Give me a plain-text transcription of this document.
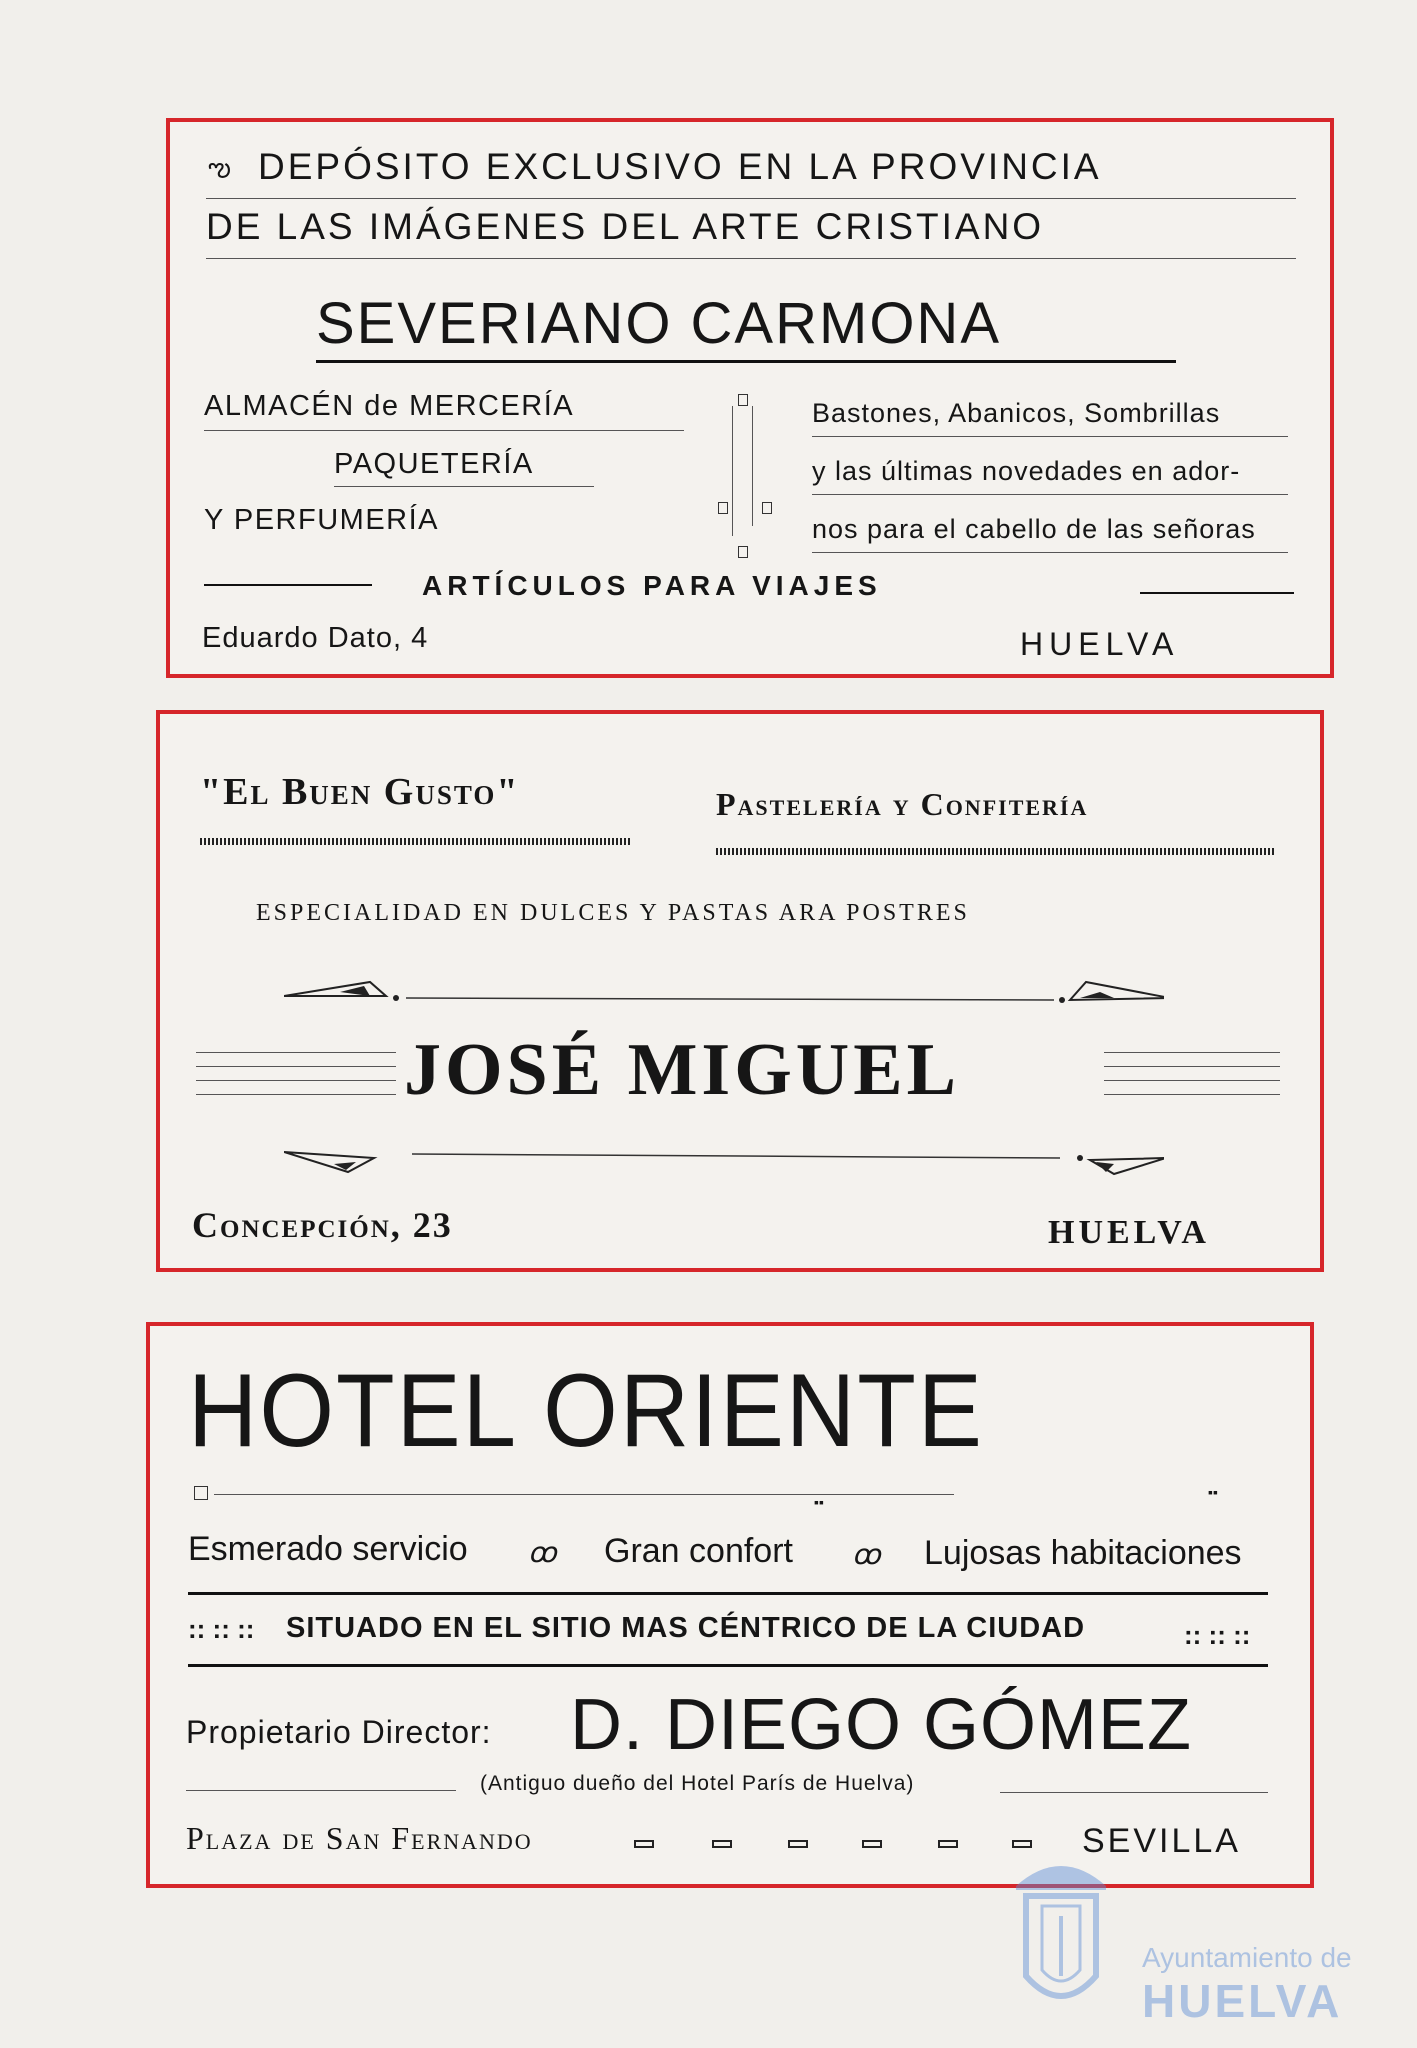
ఌ DEPÓSITO EXCLUSIVO EN LA PROVINCIA
DE LAS IMÁGENES DEL ARTE CRISTIANO
SEVERIANO CARMONA
ALMACÉN de MERCERÍA
PAQUETERÍA
Y PERFUMERÍA
Bastones, Abanicos, Sombrillas
y las últimas novedades en ador-
nos para el cabello de las señoras
ARTÍCULOS PARA VIAJES
Eduardo Dato, 4	HUELVA
"El Buen Gusto"	Pastelería y Confitería
ESPECIALIDAD EN DULCES Y PASTAS ARA POSTRES
JOSÉ MIGUEL
Concepción, 23	HUELVA
HOTEL ORIENTE
▪▪
▪▪
Esmerado servicio ꝏ Gran confort ꝏ Lujosas habitaciones
:: :: :: SITUADO EN EL SITIO MAS CÉNTRICO DE LA CIUDAD	:: :: ::
Propietario Director: D. DIEGO GÓMEZ
(Antiguo dueño del Hotel París de Huelva)
Plaza de San Fernando	SEVILLA
Ayuntamiento de
HUELVA
